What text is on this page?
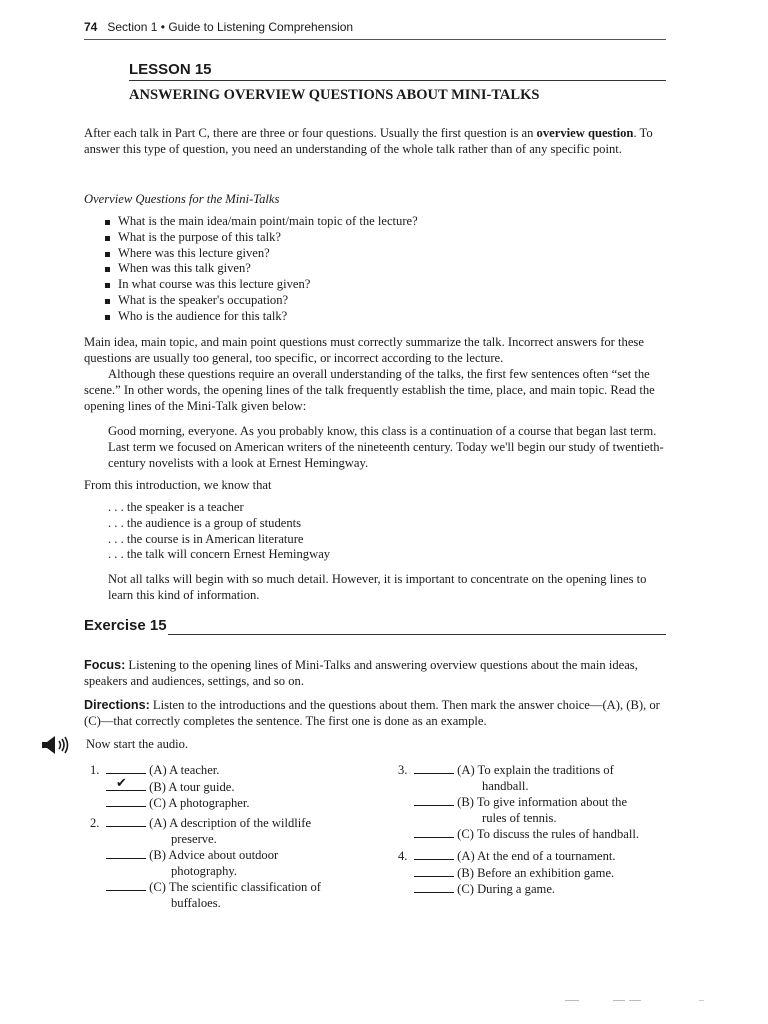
74 Section 1 • Guide to Listening Comprehension
LESSON 15
ANSWERING OVERVIEW QUESTIONS ABOUT MINI-TALKS
After each talk in Part C, there are three or four questions. Usually the first question is an overview question. To answer this type of question, you need an understanding of the whole talk rather than of any specific point.
Overview Questions for the Mini-Talks
What is the main idea/main point/main topic of the lecture?
What is the purpose of this talk?
Where was this lecture given?
When was this talk given?
In what course was this lecture given?
What is the speaker's occupation?
Who is the audience for this talk?
Main idea, main topic, and main point questions must correctly summarize the talk. Incorrect answers for these questions are usually too general, too specific, or incorrect according to the lecture.
Although these questions require an overall understanding of the talks, the first few sentences often “set the scene.” In other words, the opening lines of the talk frequently establish the time, place, and main topic. Read the opening lines of the Mini-Talk given below:
Good morning, everyone. As you probably know, this class is a continuation of a course that began last term. Last term we focused on American writers of the nineteenth century. Today we'll begin our study of twentieth-century novelists with a look at Ernest Hemingway.
From this introduction, we know that
. . . the speaker is a teacher
. . . the audience is a group of students
. . . the course is in American literature
. . . the talk will concern Ernest Hemingway
Not all talks will begin with so much detail. However, it is important to concentrate on the opening lines to learn this kind of information.
Exercise 15
Focus: Listening to the opening lines of Mini-Talks and answering overview questions about the main ideas, speakers and audiences, settings, and so on.
Directions: Listen to the introductions and the questions about them. Then mark the answer choice—(A), (B), or (C)—that correctly completes the sentence. The first one is done as an example.
Now start the audio.
1.	(A) A teacher.
✔ (B) A tour guide.
(C) A photographer.
2.	(A) A description of the wildlife
preserve.
(B) Advice about outdoor
photography.
(C) The scientific classification of
buffaloes.
3.	(A) To explain the traditions of
handball.
(B) To give information about the
rules of tennis.
(C) To discuss the rules of handball.
4.	(A) At the end of a tournament.
(B) Before an exhibition game.
(C) During a game.
